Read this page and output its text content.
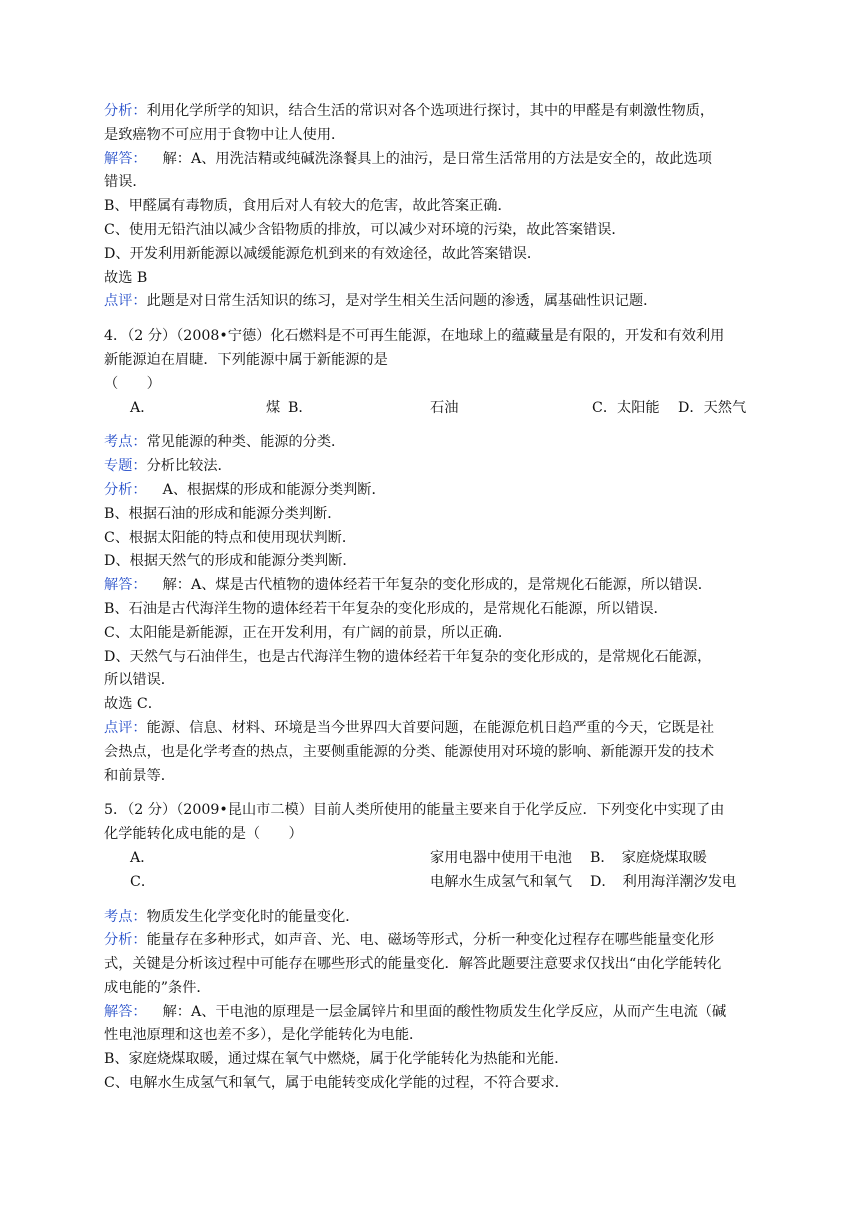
分析：利用化学所学的知识，结合生活的常识对各个选项进行探讨，其中的甲醛是有刺激性物质，
是致癌物不可应用于食物中让人使用．
解答： 解：A、用洗洁精或纯碱洗涤餐具上的油污，是日常生活常用的方法是安全的，故此选项
错误．
B、甲醛属有毒物质，食用后对人有较大的危害，故此答案正确．
C、使用无铅汽油以减少含铅物质的排放，可以减少对环境的污染，故此答案错误．
D、开发利用新能源以减缓能源危机到来的有效途径，故此答案错误．
故选 B
点评：此题是对日常生活知识的练习，是对学生相关生活问题的渗透，属基础性识记题．
4．（2 分）（2008•宁德）化石燃料是不可再生能源，在地球上的蕴藏量是有限的，开发和有效利用
新能源迫在眉睫．下列能源中属于新能源的是
（　　）
A．	煤 B．	石油	C．太阳能 D．天然气
考点：常见能源的种类、能源的分类．
专题：分析比较法．
分析： A、根据煤的形成和能源分类判断．
B、根据石油的形成和能源分类判断．
C、根据太阳能的特点和使用现状判断．
D、根据天然气的形成和能源分类判断．
解答： 解：A、煤是古代植物的遗体经若干年复杂的变化形成的，是常规化石能源，所以错误．
B、石油是古代海洋生物的遗体经若干年复杂的变化形成的，是常规化石能源，所以错误．
C、太阳能是新能源，正在开发利用，有广阔的前景，所以正确．
D、天然气与石油伴生，也是古代海洋生物的遗体经若干年复杂的变化形成的，是常规化石能源，
所以错误．
故选 C．
点评：能源、信息、材料、环境是当今世界四大首要问题，在能源危机日趋严重的今天，它既是社
会热点，也是化学考查的热点，主要侧重能源的分类、能源使用对环境的影响、新能源开发的技术
和前景等．
5．（2 分）（2009•昆山市二模）目前人类所使用的能量主要来自于化学反应．下列变化中实现了由
化学能转化成电能的是（　　）
A．	家用电器中使用干电池 B．　家庭烧煤取暖
C．	电解水生成氢气和氧气 D．　利用海洋潮汐发电
考点：物质发生化学变化时的能量变化．
分析：能量存在多种形式，如声音、光、电、磁场等形式，分析一种变化过程存在哪些能量变化形
式，关键是分析该过程中可能存在哪些形式的能量变化．解答此题要注意要求仅找出“由化学能转化
成电能的”条件．
解答： 解：A、干电池的原理是一层金属锌片和里面的酸性物质发生化学反应，从而产生电流（碱
性电池原理和这也差不多），是化学能转化为电能．
B、家庭烧煤取暖，通过煤在氧气中燃烧，属于化学能转化为热能和光能．
C、电解水生成氢气和氧气，属于电能转变成化学能的过程，不符合要求．
